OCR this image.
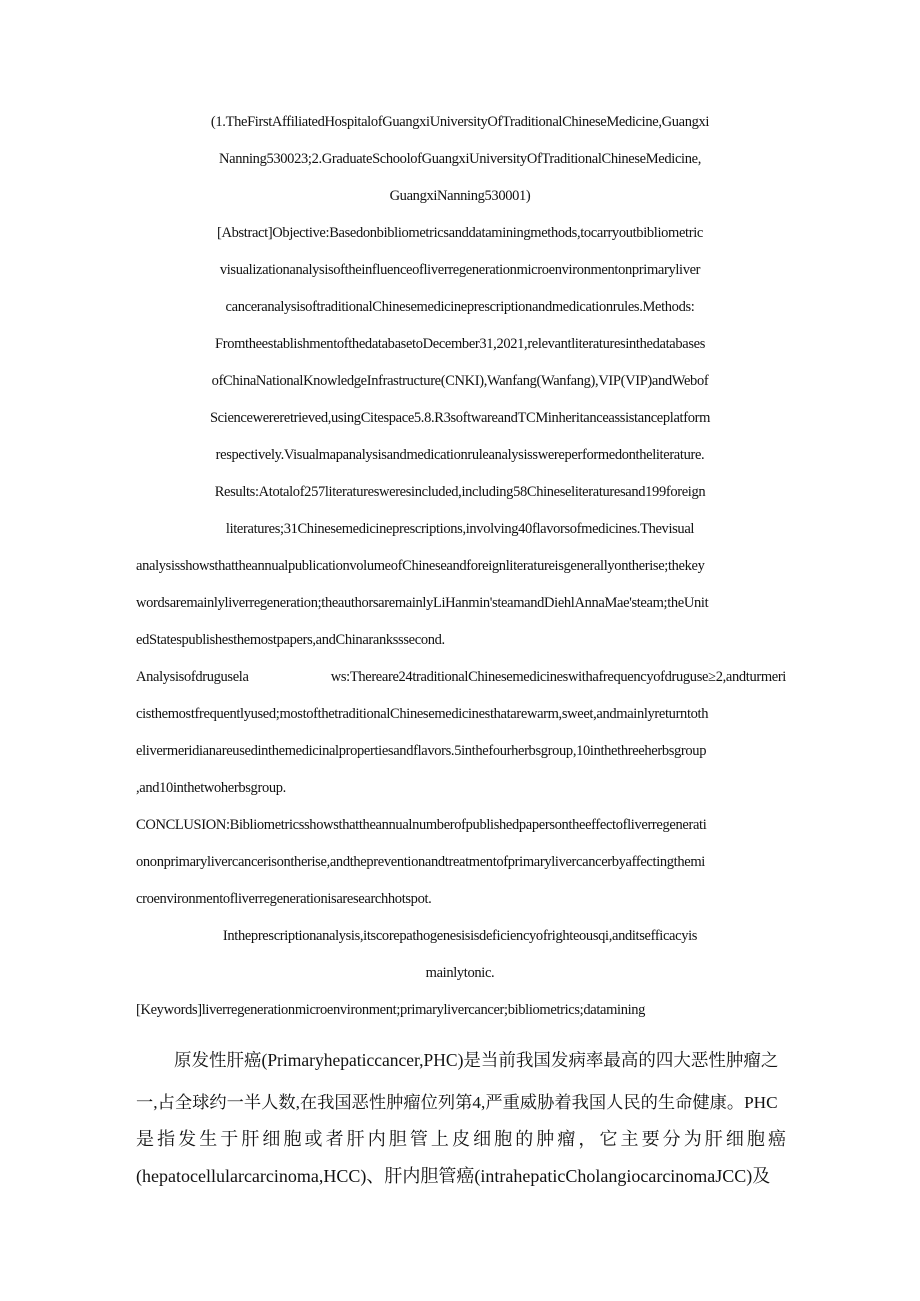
(1.TheFirstAffiliatedHospitalofGuangxiUniversityOfTraditionalChineseMedicine,Guangxi
Nanning530023;2.GraduateSchoolofGuangxiUniversityOfTraditionalChineseMedicine,
GuangxiNanning530001)
[Abstract]Objective:Basedonbibliometricsanddataminingmethods,tocarryoutbibliometric
visualizationanalysisoftheinfluenceofliverregenerationmicroenvironmentonprimaryliver
canceranalysisoftraditionalChinesemedicineprescriptionandmedicationrules.Methods:
FromtheestablishmentofthedatabasetoDecember31,2021,relevantliteraturesinthedatabases
ofChinaNationalKnowledgeInfrastructure(CNKI),Wanfang(Wanfang),VIP(VIP)andWebof
Sciencewereretrieved,usingCitespace5.8.R3softwareandTCMinheritanceassistanceplatform
respectively.Visualmapanalysisandmedicationruleanalysisswereperformedontheliterature.
Results:Atotalof257literaturesweresincluded,including58Chineseliteraturesand199foreign
literatures;31Chinesemedicineprescriptions,involving40flavorsofmedicines.Thevisual
analysisshowsthattheannualpublicationvolumeofChineseandforeignliteratureisgenerallyontherise;thekey
wordsaremainlyliverregeneration;theauthorsaremainlyLiHanmin'steamandDiehlAnnaMae'steam;theUnit
edStatespublishesthemostpapers,andChinaranksssecond.
Analysisofdrugusela ws:Thereare24traditionalChinesemedicineswithafrequencyofdruguse≥2,andturmeri
cisthemostfrequentlyused;mostofthetraditionalChinesemedicinesthatarewarm,sweet,andmainlyreturntoth
elivermeridianareusedinthemedicinalpropertiesandflavors.5inthefourherbsgroup,10inthethreeherbsgroup
,and10inthetwoherbsgroup.
CONCLUSION:Bibliometricsshowsthattheannualnumberofpublishedpapersontheeffectofliverregenerati
ononprimarylivercancerisontherise,andthepreventionandtreatmentofprimarylivercancerbyaffectingthemi
croenvironmentofliverregenerationisaresearchhotspot.
Intheprescriptionanalysis,itscorepathogenesisisdeficiencyofrighteousqi,anditsefficacyis
mainlytonic.
[Keywords]liverregenerationmicroenvironment;primarylivercancer;bibliometrics;datamining
原发性肝癌(Primaryhepaticcancer,PHC)是当前我国发病率最高的四大恶性肿瘤之
一,占全球约一半人数,在我国恶性肿瘤位列第4,严重威胁着我国人民的生命健康。PHC
是指发生于肝细胞或者肝内胆管上皮细胞的肿瘤，它主要分为肝细胞癌
(hepatocellularcarcinoma,HCC)、肝内胆管癌(intrahepaticCholangiocarcinomaJCC)及
